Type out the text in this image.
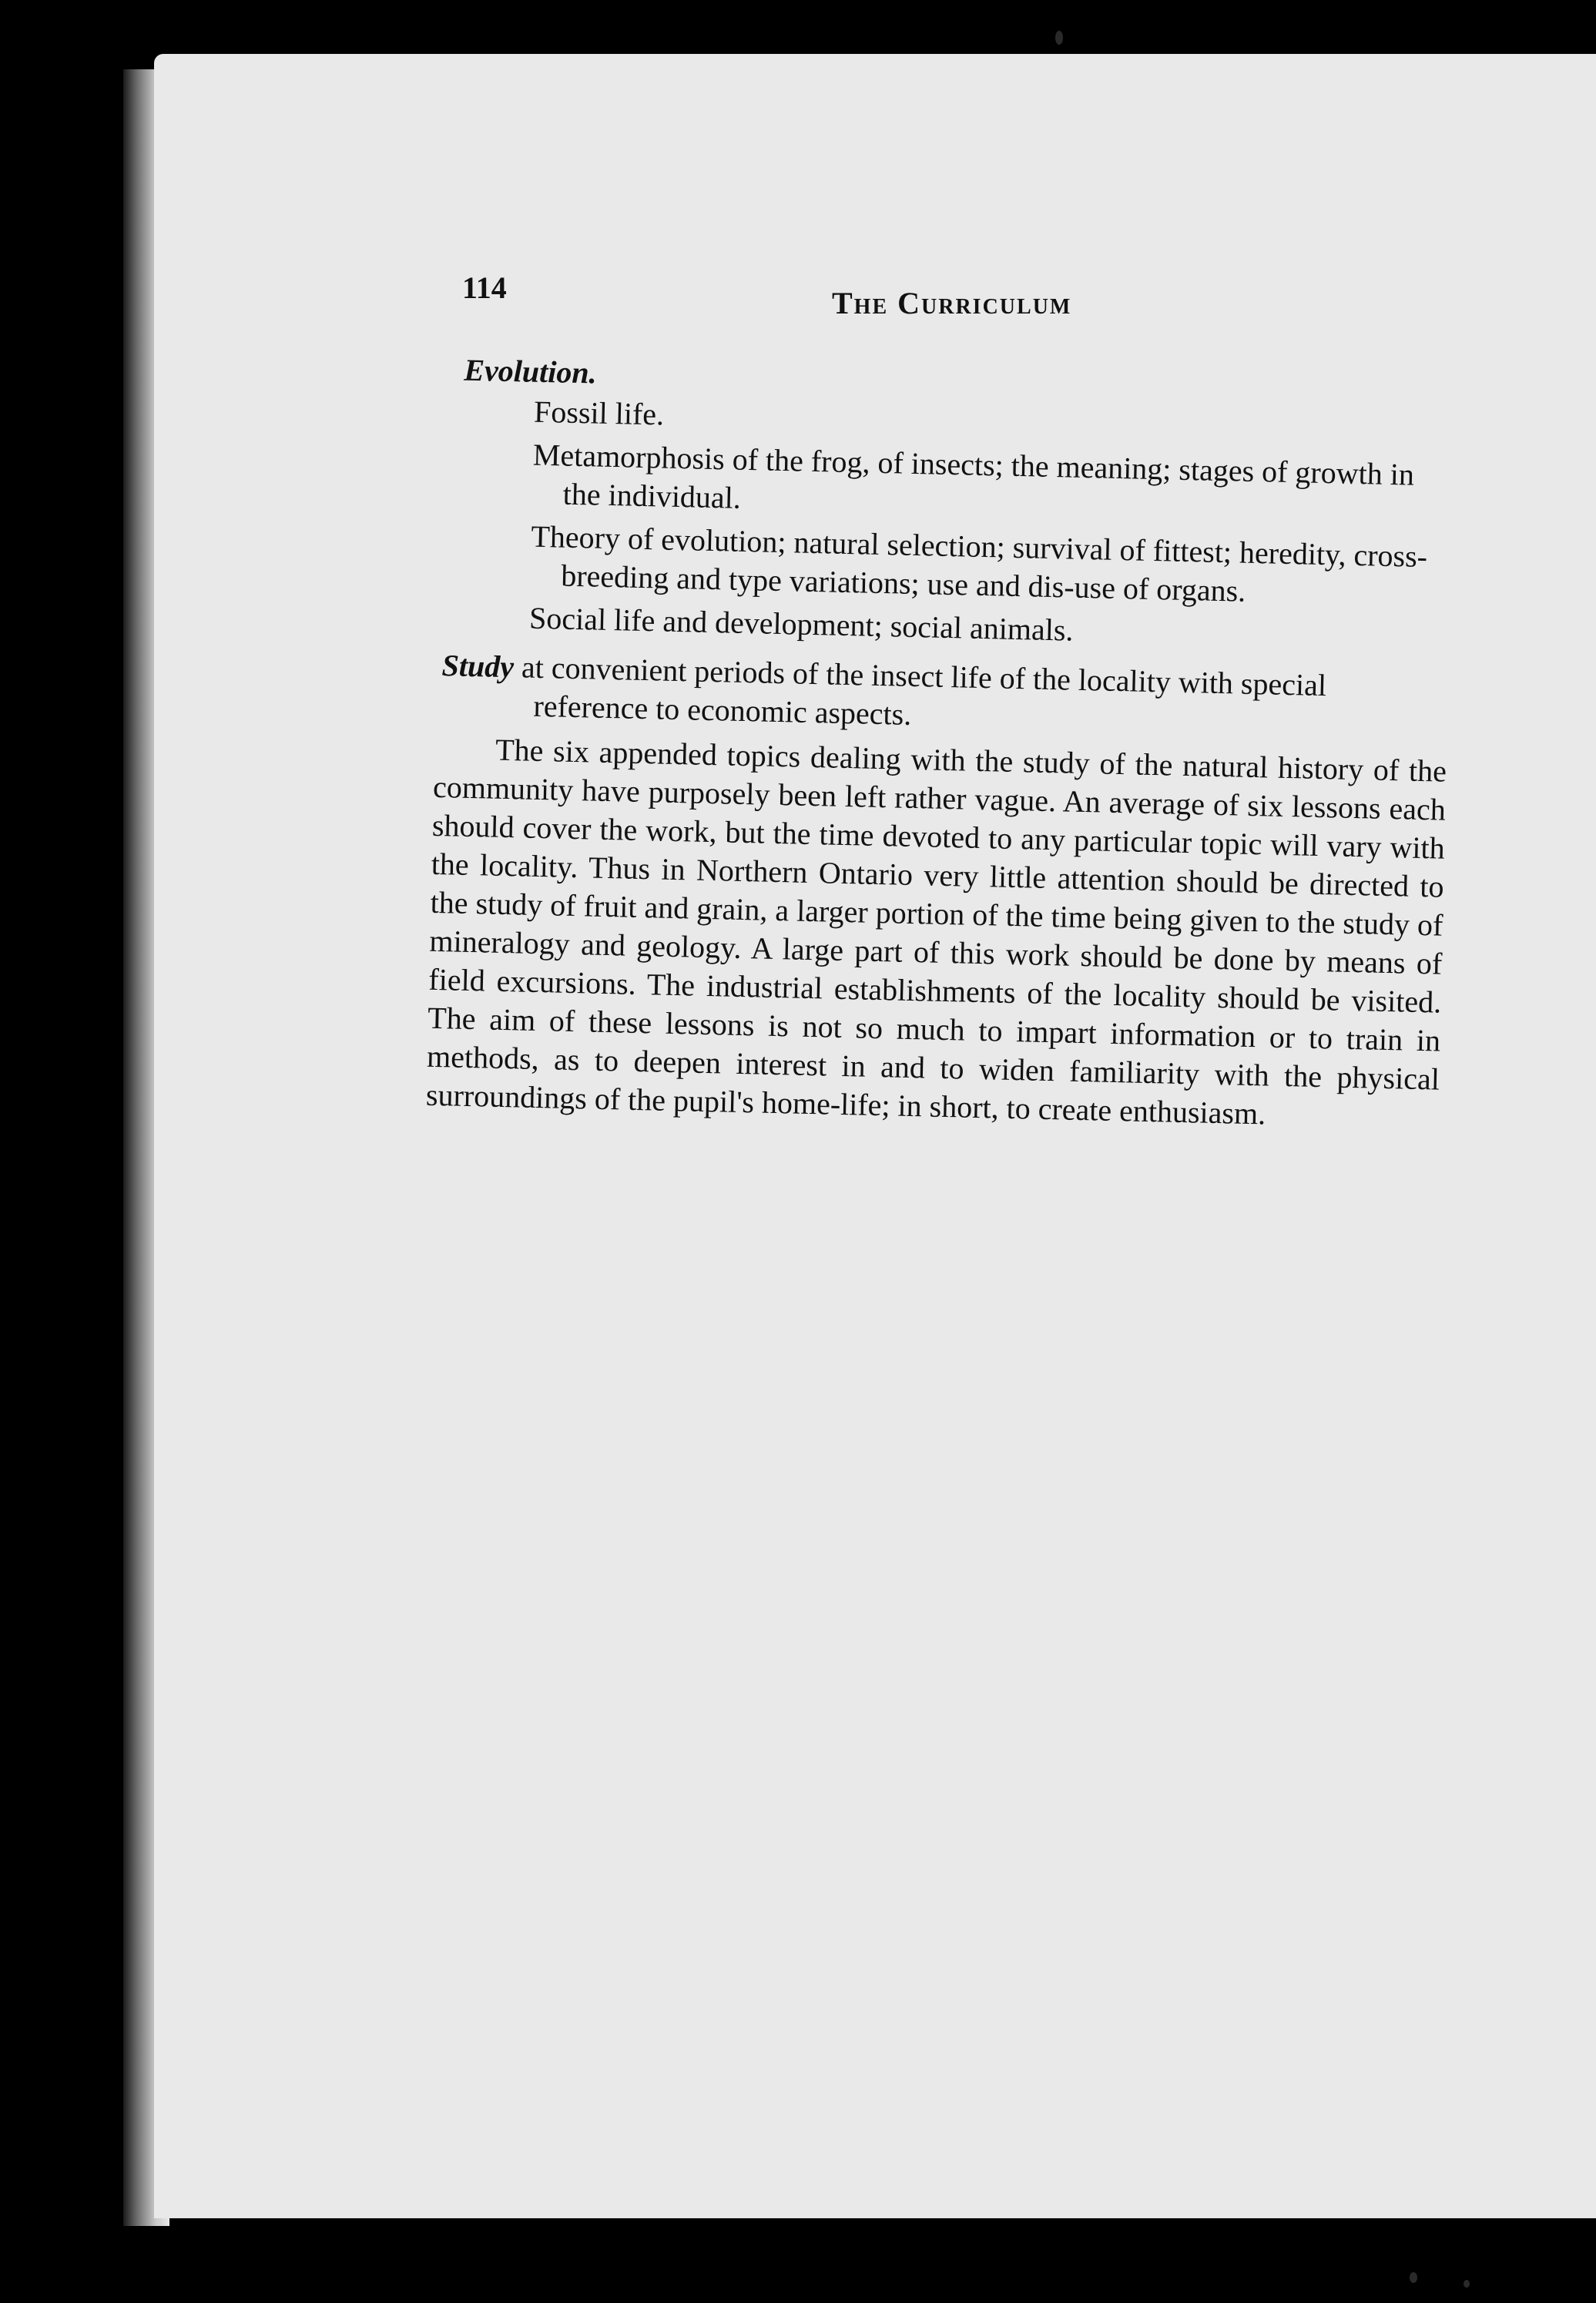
114	The Curriculum
Evolution.
Fossil life.
Metamorphosis of the frog, of insects; the meaning; stages of growth in the individual.
Theory of evolution; natural selection; survival of fittest; heredity, cross-breeding and type variations; use and dis-use of organs.
Social life and development; social animals.
Study at convenient periods of the insect life of the locality with special reference to economic aspects.
The six appended topics dealing with the study of the natural history of the community have purposely been left rather vague. An average of six lessons each should cover the work, but the time devoted to any particular topic will vary with the locality. Thus in Northern Ontario very little attention should be directed to the study of fruit and grain, a larger portion of the time being given to the study of mineralogy and geology. A large part of this work should be done by means of field excursions. The industrial establishments of the locality should be visited. The aim of these lessons is not so much to impart information or to train in methods, as to deepen interest in and to widen familiarity with the physical surroundings of the pupil's home-life; in short, to create enthusiasm.
